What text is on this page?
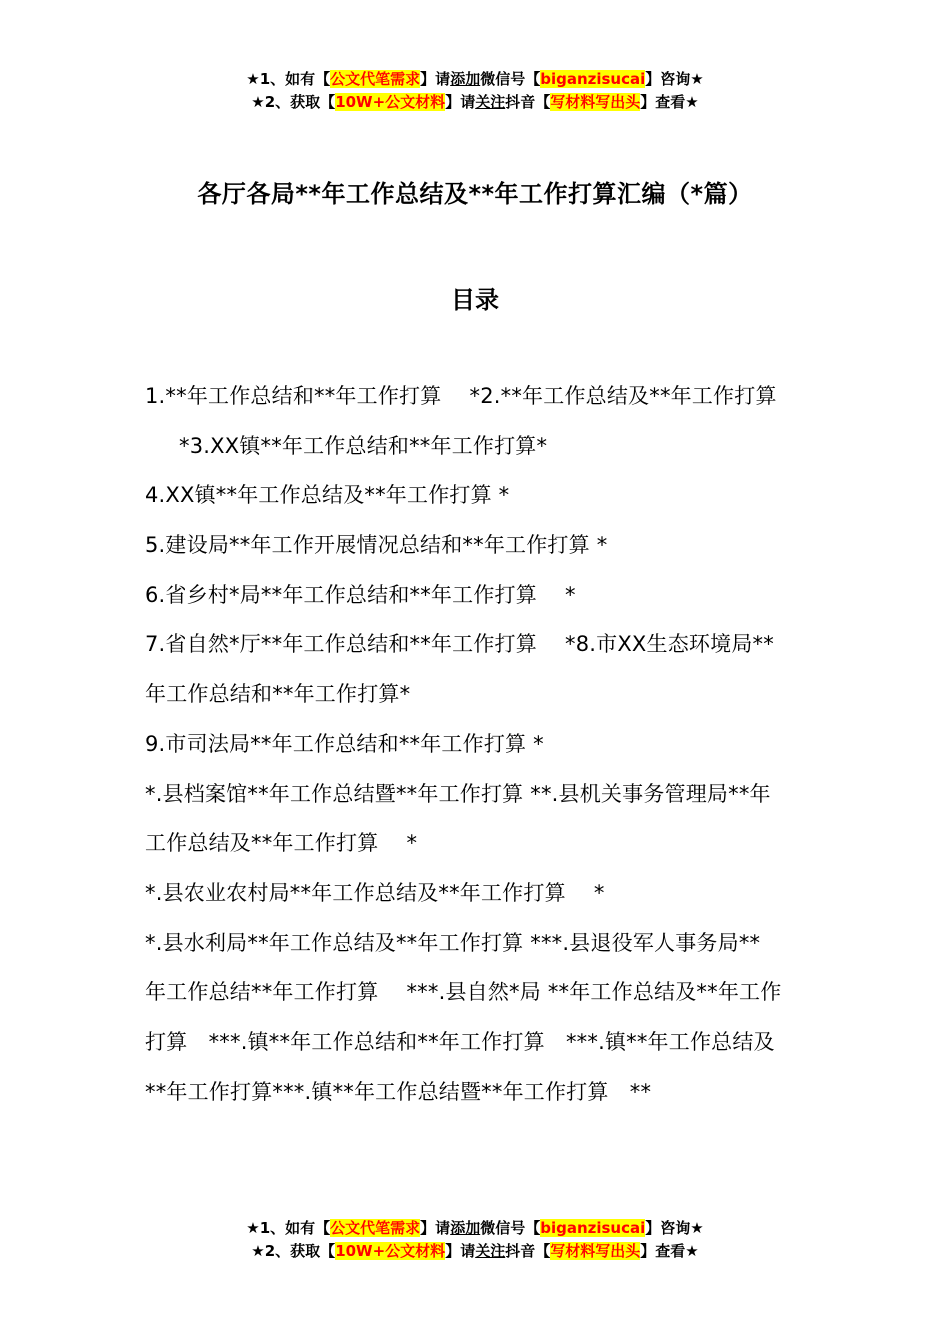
★1、如有【公文代笔需求】请添加微信号【biganzisucai】咨询★
★2、获取【10W+公文材料】请关注抖音【写材料写出头】查看★
各厅各局**年工作总结及**年工作打算汇编（*篇）
目录
1.**年工作总结和**年工作打算　 *2.**年工作总结及**年工作打算
*3.XX镇**年工作总结和**年工作打算*
4.XX镇**年工作总结及**年工作打算 *
5.建设局**年工作开展情况总结和**年工作打算 *
6.省乡村*局**年工作总结和**年工作打算　 *
7.省自然*厅**年工作总结和**年工作打算　 *8.市XX生态环境局**
年工作总结和**年工作打算*
9.市司法局**年工作总结和**年工作打算 *
*.县档案馆**年工作总结暨**年工作打算 **.县机关事务管理局**年
工作总结及**年工作打算　 *
*.县农业农村局**年工作总结及**年工作打算　 *
*.县水利局**年工作总结及**年工作打算 ***.县退役军人事务局**
年工作总结**年工作打算　 ***.县自然*局 **年工作总结及**年工作
打算　***.镇**年工作总结和**年工作打算　***.镇**年工作总结及
**年工作打算***.镇**年工作总结暨**年工作打算　**
★1、如有【公文代笔需求】请添加微信号【biganzisucai】咨询★
★2、获取【10W+公文材料】请关注抖音【写材料写出头】查看★
